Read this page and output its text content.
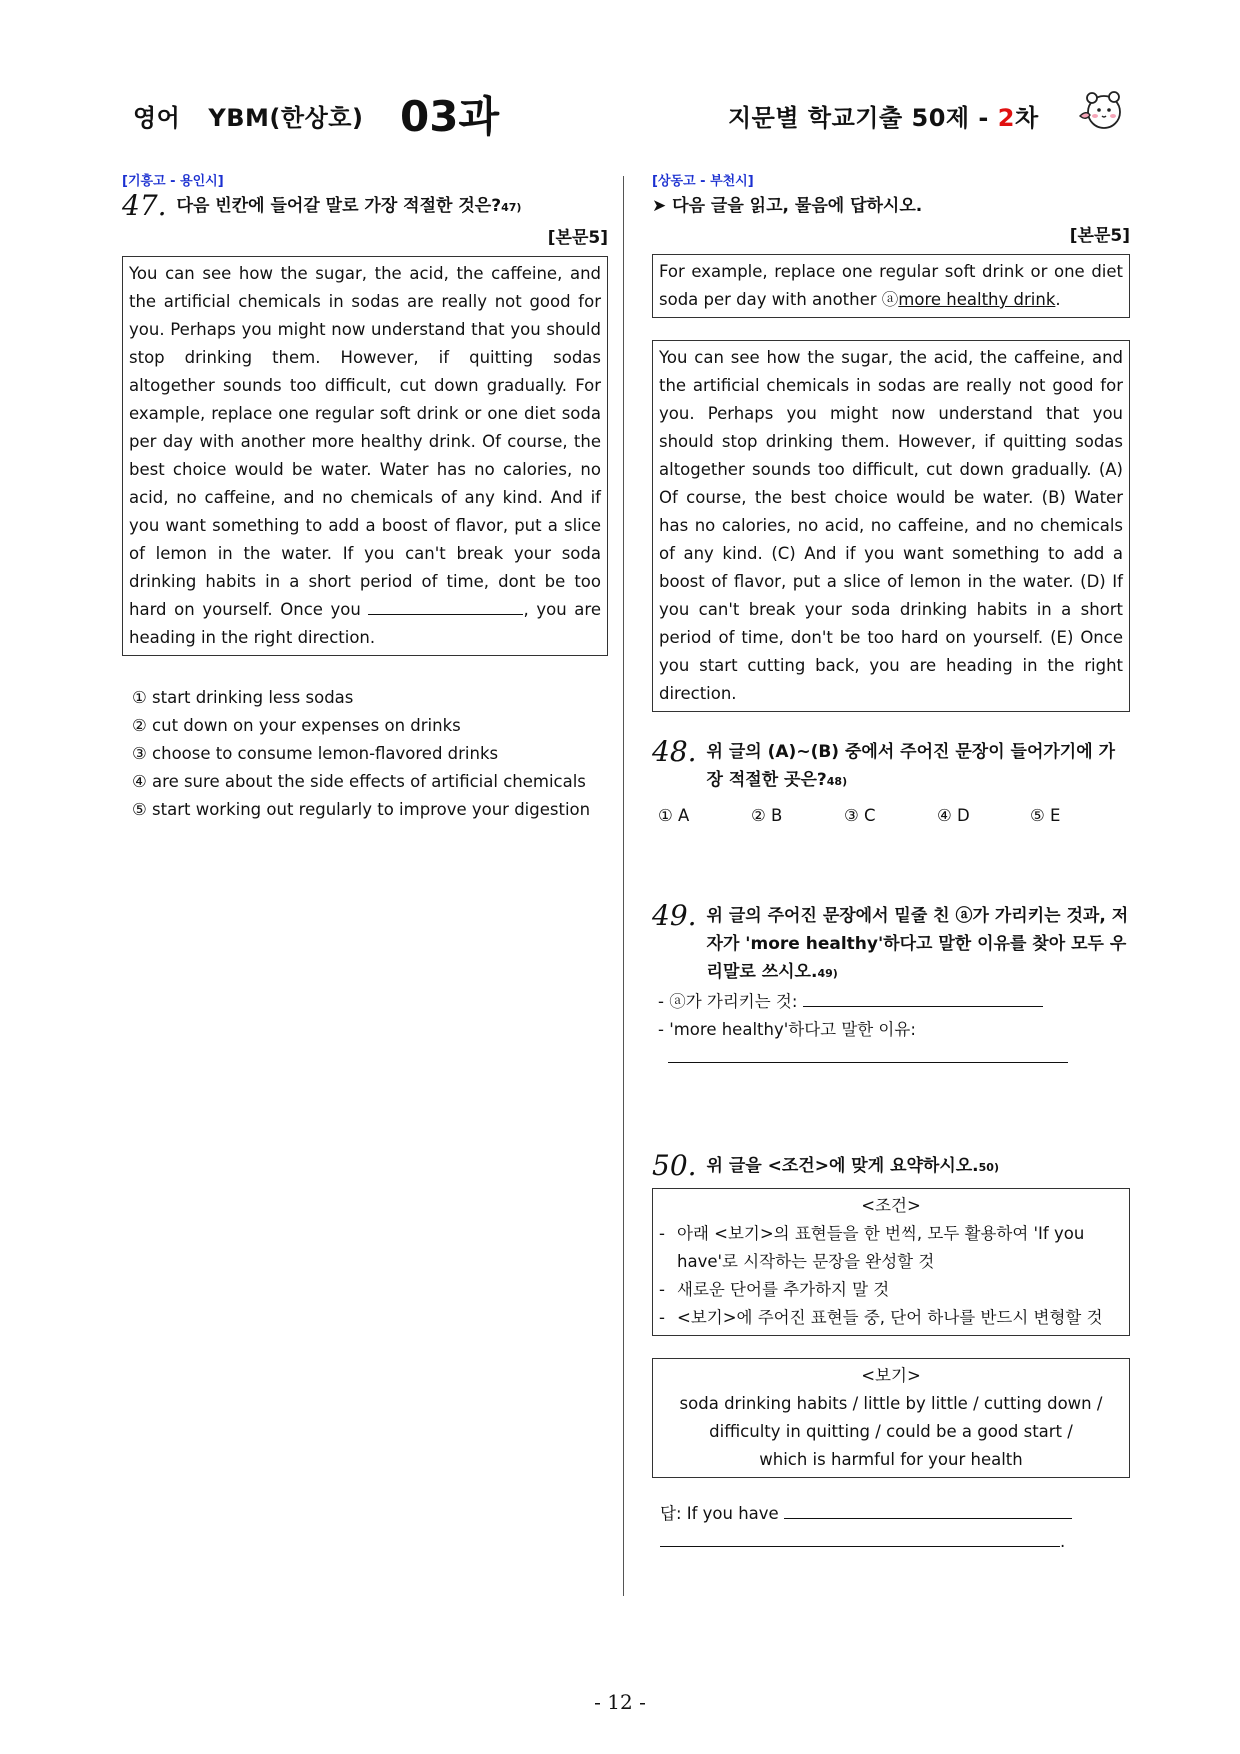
영어 YBM(한상호) 03과	지문별 학교기출 50제 - 2차
[기흥고 - 용인시]
47. 다음 빈칸에 들어갈 말로 가장 적절한 것은?47)
[본문5]
You can see how the sugar, the acid, the caffeine, and the artificial chemicals in sodas are really not good for you. Perhaps you might now understand that you should stop drinking them. However, if quitting sodas altogether sounds too difficult, cut down gradually. For example, replace one regular soft drink or one diet soda per day with another more healthy drink. Of course, the best choice would be water. Water has no calories, no acid, no caffeine, and no chemicals of any kind. And if you want something to add a boost of flavor, put a slice of lemon in the water. If you can't break your soda drinking habits in a short period of time, dont be too hard on yourself. Once you	, you are heading in the right direction.
① start drinking less sodas
② cut down on your expenses on drinks
③ choose to consume lemon-flavored drinks
④ are sure about the side effects of artificial chemicals
⑤ start working out regularly to improve your digestion
[상동고 - 부천시]
➤ 다음 글을 읽고, 물음에 답하시오.
[본문5]
For example, replace one regular soft drink or one diet soda per day with another ⓐmore healthy drink.
You can see how the sugar, the acid, the caffeine, and the artificial chemicals in sodas are really not good for you. Perhaps you might now understand that you should stop drinking them. However, if quitting sodas altogether sounds too difficult, cut down gradually. (A) Of course, the best choice would be water. (B) Water has no calories, no acid, no caffeine, and no chemicals of any kind. (C) And if you want something to add a boost of flavor, put a slice of lemon in the water. (D) If you can't break your soda drinking habits in a short period of time, don't be too hard on yourself. (E) Once you start cutting back, you are heading in the right direction.
48. 위 글의 (A)~(B) 중에서 주어진 문장이 들어가기에 가장 적절한 곳은?48)
① A	② B	③ C	④ D	⑤ E
49. 위 글의 주어진 문장에서 밑줄 친 ⓐ가 가리키는 것과, 저자가 'more healthy'하다고 말한 이유를 찾아 모두 우리말로 쓰시오.49)
- ⓐ가 가리키는 것:
- 'more healthy'하다고 말한 이유:
50. 위 글을 <조건>에 맞게 요약하시오.50)
<조건>
- 아래 <보기>의 표현들을 한 번씩, 모두 활용하여 'If you have'로 시작하는 문장을 완성할 것
- 새로운 단어를 추가하지 말 것
- <보기>에 주어진 표현들 중, 단어 하나를 반드시 변형할 것
<보기>
soda drinking habits / little by little / cutting down /
difficulty in quitting / could be a good start /
which is harmful for your health
답: If you have
.
- 12 -
